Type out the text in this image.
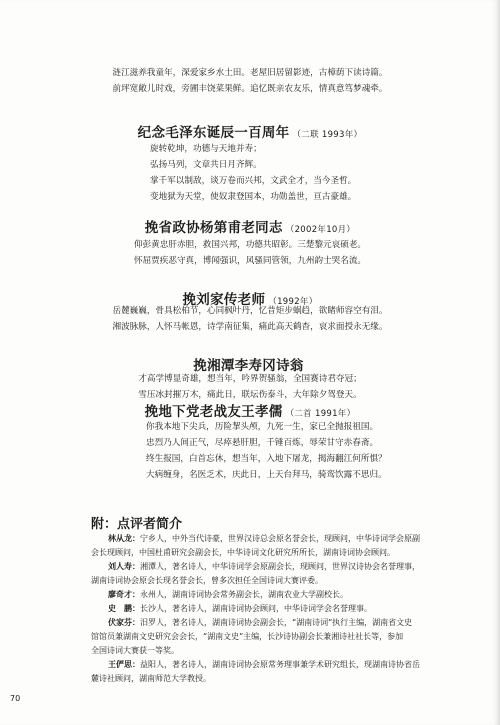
涟江滋养我童年，深爱家乡水土田。老屋旧居留影迹，古樟荫下读诗篇。
前坪宽敞儿时戏，旁圃丰饶菜果鲜。追忆既亲农友乐，情真意笃梦魂牵。
纪念毛泽东诞辰一百周年 （二联 1993年）
旋转乾坤，功德与天地并寿；
弘扬马列，文章共日月齐辉。
掌千军以制敌，谈万卷而兴邦，文武全才，当今圣哲。
变地狱为天堂，使奴隶登国本，功勋盖世，亘古豪雄。
挽省政协杨第甫老同志 （2002年10月）
仰彭黄忠肝赤胆，救国兴邦，功德共昭彰。三楚黎元哀硕老。
怀屈贾疾恶守真，博闻强识，风骚同管领，九州韵士哭名流。
挽刘家传老师 （1992年）
岳麓巍巍，骨具松柏节，心同枫叶丹，忆昔矩步蜗趋，欲睹师容空有泪。
湘波脉脉，人怀马帐恩，诗学南征集，痛此高天鹤杳，哀求面授永无缘。
挽湘潭李寿冈诗翁
才高学博显奇雄，想当年，吟界贺骚翁，全国赛诗君夺冠；
雪压冰封摧万木，痛此日，联坛伤泰斗，大年除夕驾登天。
挽地下党老战友王孝儒 （二首 1991年）
你我本地下尖兵，历险挈头颅，九死一生，家已全抛报祖国。
忠烈乃人间正气，尽瘁悬肝胆，千锤百炼，辱荣甘守赤春斋。
终生报国，白首忘休，想当年，入地下屠龙，揭海翻江何所惧？
大病缠身，名医乏术，庆此日，上天台拜马，骑鸾饮露不思归。
附：点评者简介
林从龙：宁乡人，中外当代诗豪，世界汉诗总会原名誉会长，现顾问，中华诗词学会原副
会长现顾问，中国杜甫研究会副会长，中华诗词文化研究所所长，湖南诗词协会顾问。
刘人寿：湘潭人，著名诗人，中华诗词学会原副会长，现顾问，世界汉诗协会名誉理事，
湖南诗词协会原会长现名誉会长，曾多次担任全国诗词大赛评委。
廖奇才：永州人，湖南诗词协会常务副会长，湖南农业大学副校长。
史　鹏：长沙人，著名诗人，湖南诗词协会顾问，中华诗词学会名誉理事。
伏家芬：汨罗人，著名诗人，湖南诗词协会副会长，“湖南诗词”执行主编，湖南省文史
馆馆员兼湖南文史研究会会长，“湖南文史”主编，长沙诗协副会长兼湘诗社社长等，参加
全国诗词大赛获一等奖。
王俨思：益阳人，著名诗人，湖南诗词协会原常务理事兼学术研究组长，现湖南诗协省岳
麓诗社顾问，湖南师范大学教授。
70
